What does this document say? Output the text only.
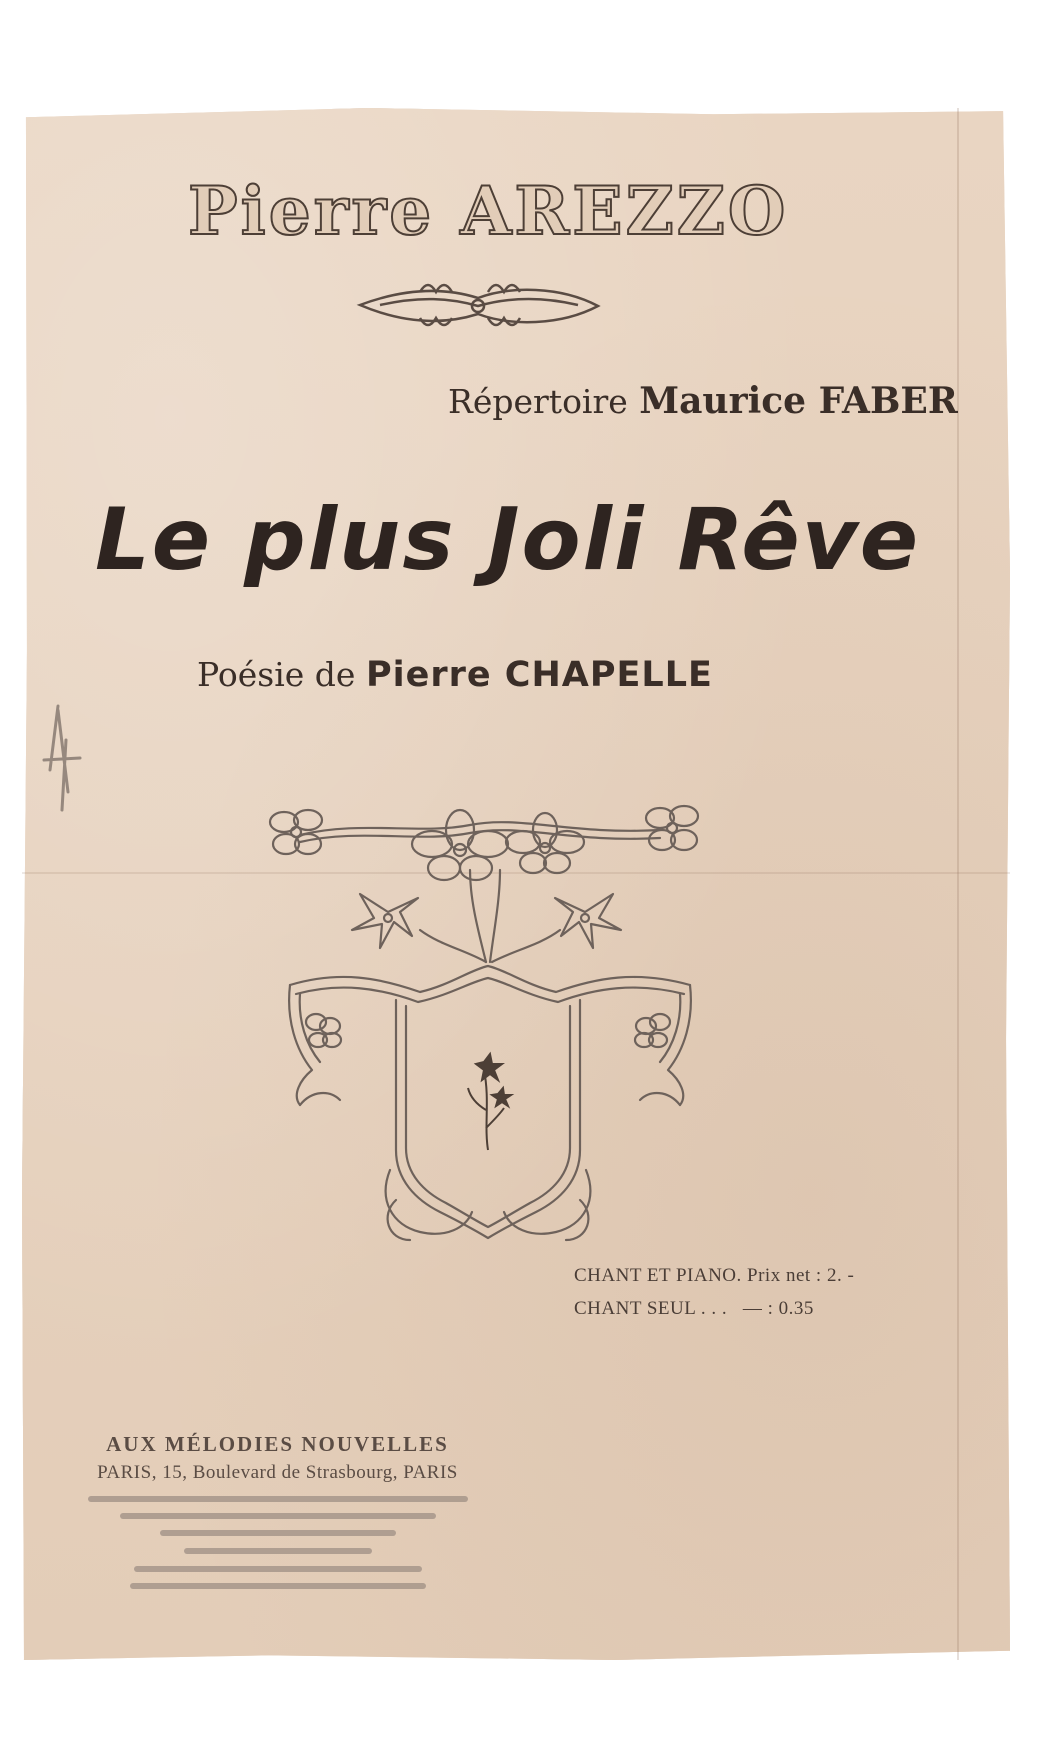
Pierre AREZZO
Répertoire Maurice FABER
Le plus Joli Rêve
Poésie de Pierre CHAPELLE
CHANT ET PIANO. Prix net : 2. -
CHANT SEUL . . .   — : 0.35
AUX MÉLODIES NOUVELLES
PARIS, 15, Boulevard de Strasbourg, PARIS
